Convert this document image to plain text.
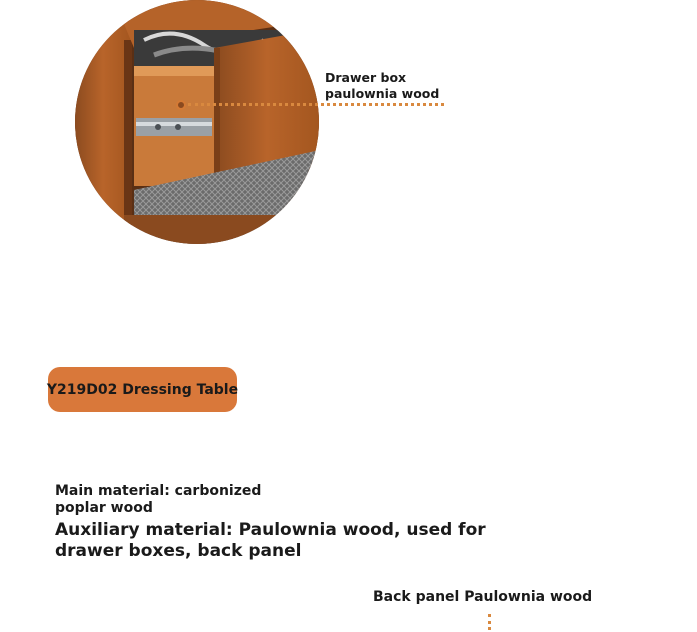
Drawer box
paulownia wood
Y219D02 Dressing Table
Main material: carbonized poplar wood
Auxiliary material: Paulownia wood, used for drawer boxes, back panel
Back panel Paulownia wood
